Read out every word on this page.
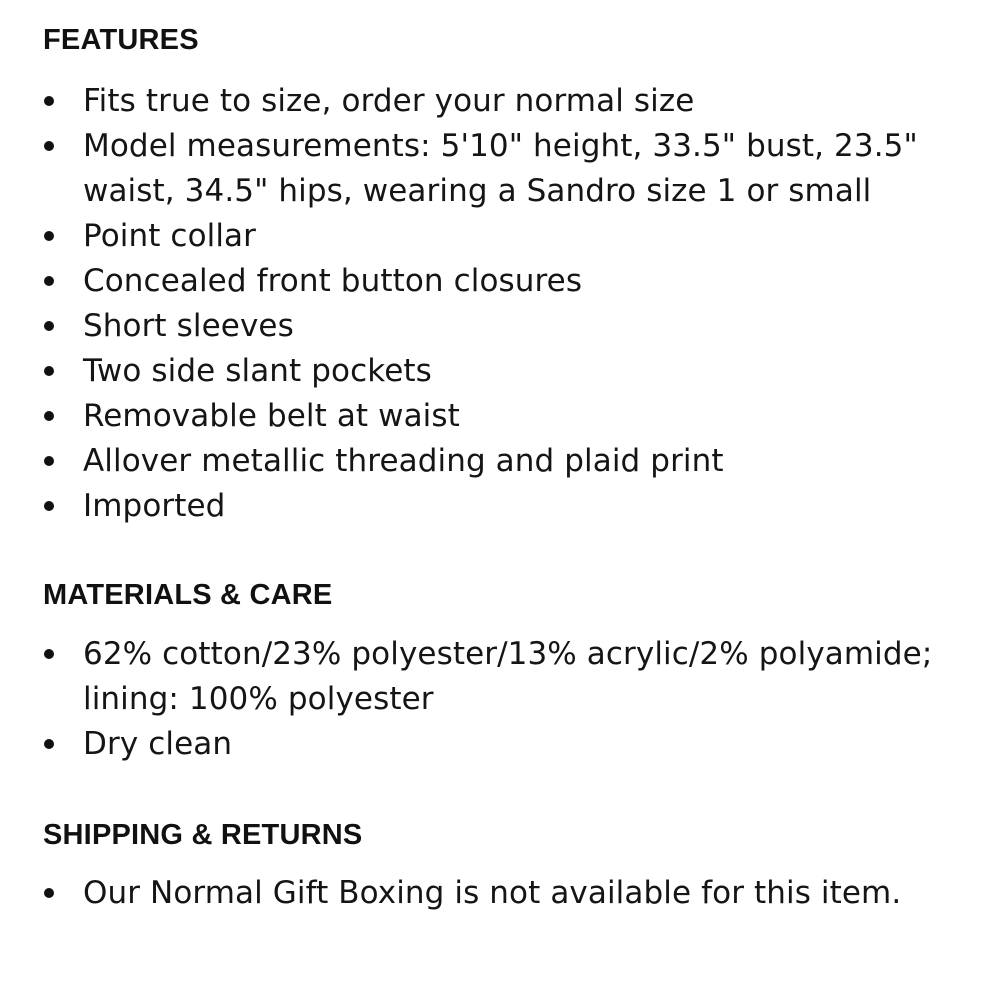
FEATURES
Fits true to size, order your normal size
Model measurements: 5'10" height, 33.5" bust, 23.5" waist, 34.5" hips, wearing a Sandro size 1 or small
Point collar
Concealed front button closures
Short sleeves
Two side slant pockets
Removable belt at waist
Allover metallic threading and plaid print
Imported
MATERIALS & CARE
62% cotton/23% polyester/13% acrylic/2% polyamide; lining: 100% polyester
Dry clean
SHIPPING & RETURNS
Our Normal Gift Boxing is not available for this item.
